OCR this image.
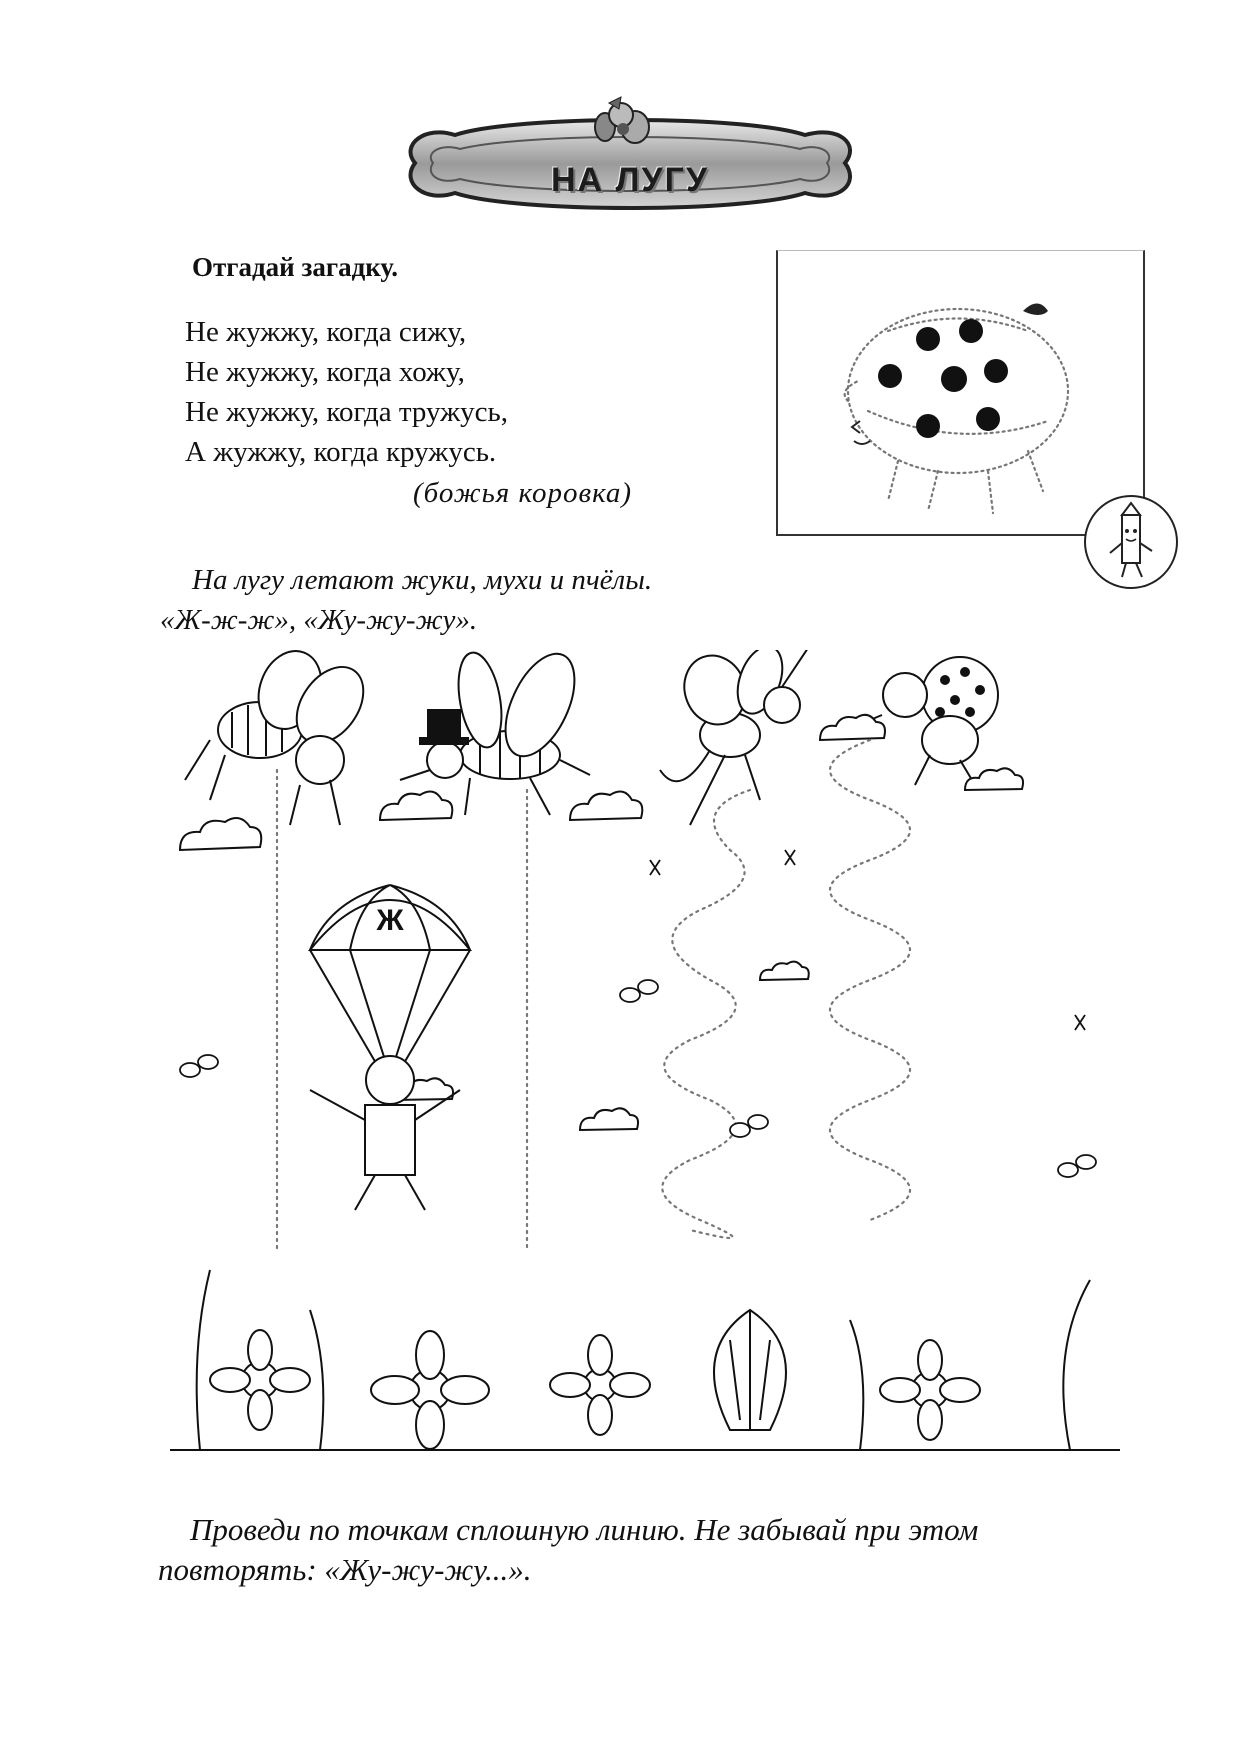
НА ЛУГУ
Отгадай загадку.
Не жужжу, когда сижу,
Не жужжу, когда хожу,
Не жужжу, когда тружусь,
А жужжу, когда кружусь.
(божья коровка)
На лугу летают жуки, мухи и пчёлы.
«Ж-ж-ж», «Жу-жу-жу».
Ж
Проведи по точкам сплошную линию. Не забывай при этом
повторять: «Жу-жу-жу...».
